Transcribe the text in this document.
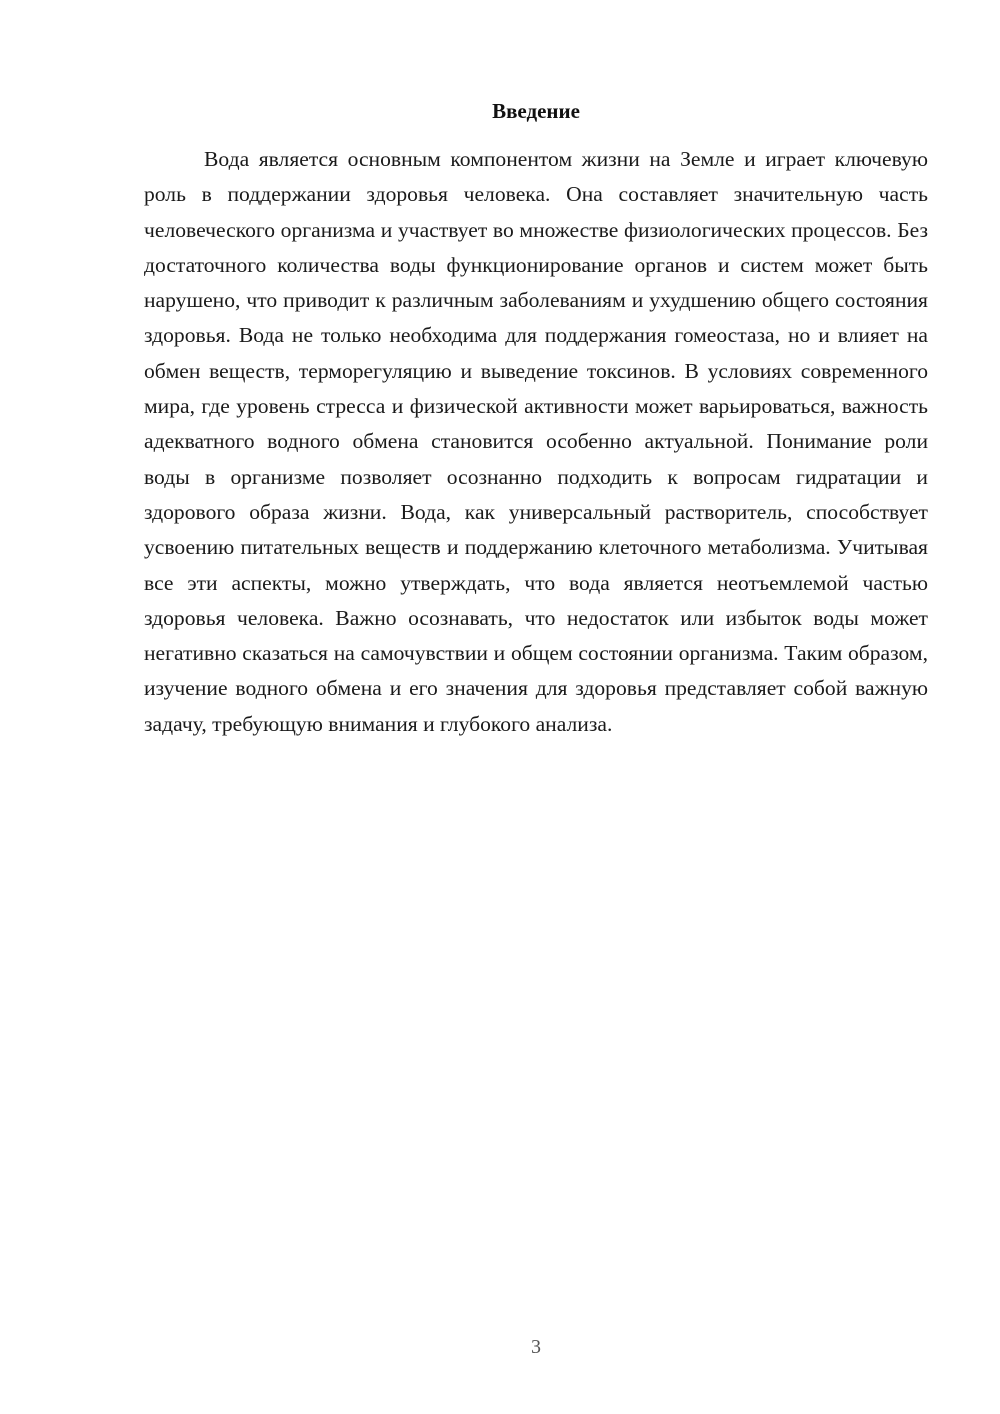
Введение

Вода является основным компонентом жизни на Земле и играет ключевую роль в поддержании здоровья человека. Она составляет значительную часть человеческого организма и участвует во множестве физиологических процессов. Без достаточного количества воды функционирование органов и систем может быть нарушено, что приводит к различным заболеваниям и ухудшению общего состояния здоровья. Вода не только необходима для поддержания гомеостаза, но и влияет на обмен веществ, терморегуляцию и выведение токсинов. В условиях современного мира, где уровень стресса и физической активности может варьироваться, важность адекватного водного обмена становится особенно актуальной. Понимание роли воды в организме позволяет осознанно подходить к вопросам гидратации и здорового образа жизни. Вода, как универсальный растворитель, способствует усвоению питательных веществ и поддержанию клеточного метаболизма. Учитывая все эти аспекты, можно утверждать, что вода является неотъемлемой частью здоровья человека. Важно осознавать, что недостаток или избыток воды может негативно сказаться на самочувствии и общем состоянии организма. Таким образом, изучение водного обмена и его значения для здоровья представляет собой важную задачу, требующую внимания и глубокого анализа.

3
